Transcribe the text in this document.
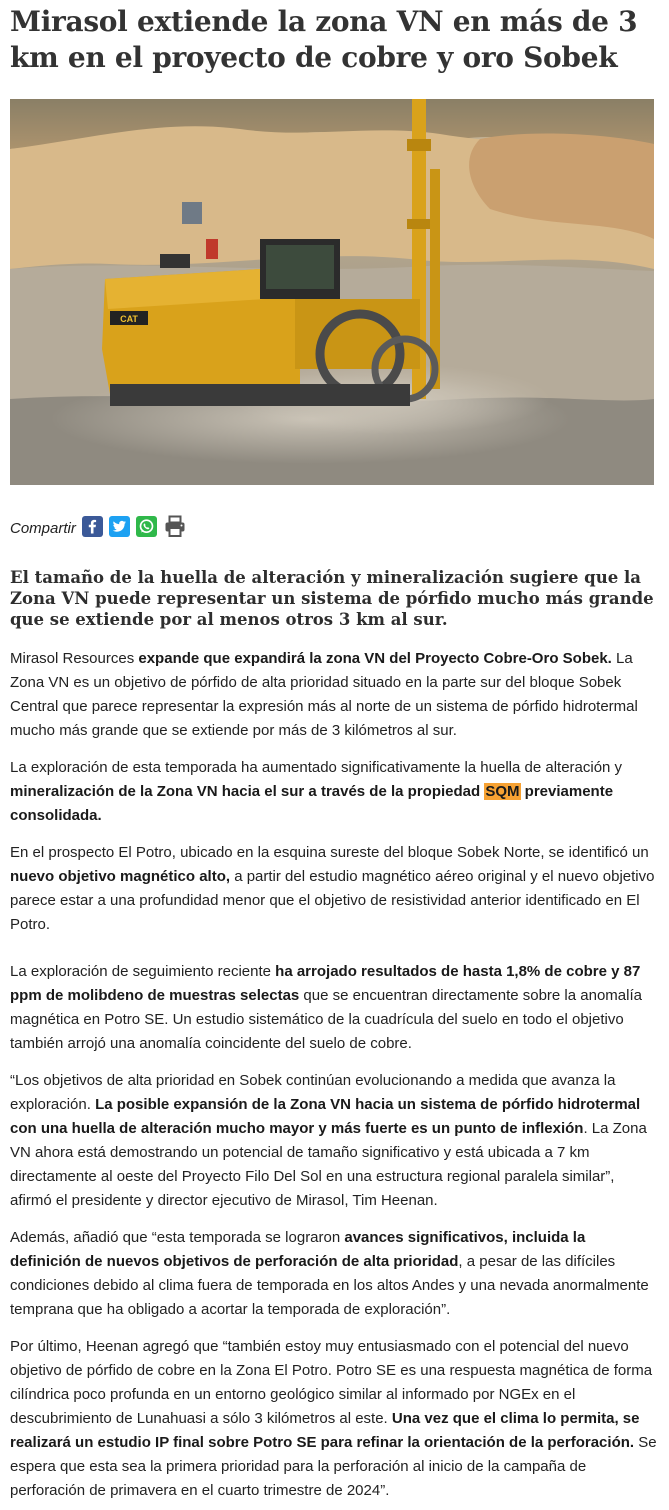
Mirasol extiende la zona VN en más de 3 km en el proyecto de cobre y oro Sobek
CAT
Compartir
El tamaño de la huella de alteración y mineralización sugiere que la Zona VN puede representar un sistema de pórfido mucho más grande que se extiende por al menos otros 3 km al sur.

Mirasol Resources expande que expandirá la zona VN del Proyecto Cobre-Oro Sobek. La Zona VN es un objetivo de pórfido de alta prioridad situado en la parte sur del bloque Sobek Central que parece representar la expresión más al norte de un sistema de pórfido hidrotermal mucho más grande que se extiende por más de 3 kilómetros al sur.

La exploración de esta temporada ha aumentado significativamente la huella de alteración y mineralización de la Zona VN hacia el sur a través de la propiedad SQM previamente consolidada.

En el prospecto El Potro, ubicado en la esquina sureste del bloque Sobek Norte, se identificó un nuevo objetivo magnético alto, a partir del estudio magnético aéreo original y el nuevo objetivo parece estar a una profundidad menor que el objetivo de resistividad anterior identificado en El Potro.

La exploración de seguimiento reciente ha arrojado resultados de hasta 1,8% de cobre y 87 ppm de molibdeno de muestras selectas que se encuentran directamente sobre la anomalía magnética en Potro SE. Un estudio sistemático de la cuadrícula del suelo en todo el objetivo también arrojó una anomalía coincidente del suelo de cobre.

“Los objetivos de alta prioridad en Sobek continúan evolucionando a medida que avanza la exploración. La posible expansión de la Zona VN hacia un sistema de pórfido hidrotermal con una huella de alteración mucho mayor y más fuerte es un punto de inflexión. La Zona VN ahora está demostrando un potencial de tamaño significativo y está ubicada a 7 km directamente al oeste del Proyecto Filo Del Sol en una estructura regional paralela similar”, afirmó el presidente y director ejecutivo de Mirasol, Tim Heenan.

Además, añadió que “esta temporada se lograron avances significativos, incluida la definición de nuevos objetivos de perforación de alta prioridad, a pesar de las difíciles condiciones debido al clima fuera de temporada en los altos Andes y una nevada anormalmente temprana que ha obligado a acortar la temporada de exploración”.

Por último, Heenan agregó que “también estoy muy entusiasmado con el potencial del nuevo objetivo de pórfido de cobre en la Zona El Potro. Potro SE es una respuesta magnética de forma cilíndrica poco profunda en un entorno geológico similar al informado por NGEx en el descubrimiento de Lunahuasi a sólo 3 kilómetros al este. Una vez que el clima lo permita, se realizará un estudio IP final sobre Potro SE para refinar la orientación de la perforación. Se espera que esta sea la primera prioridad para la perforación al inicio de la campaña de perforación de primavera en el cuarto trimestre de 2024”.
